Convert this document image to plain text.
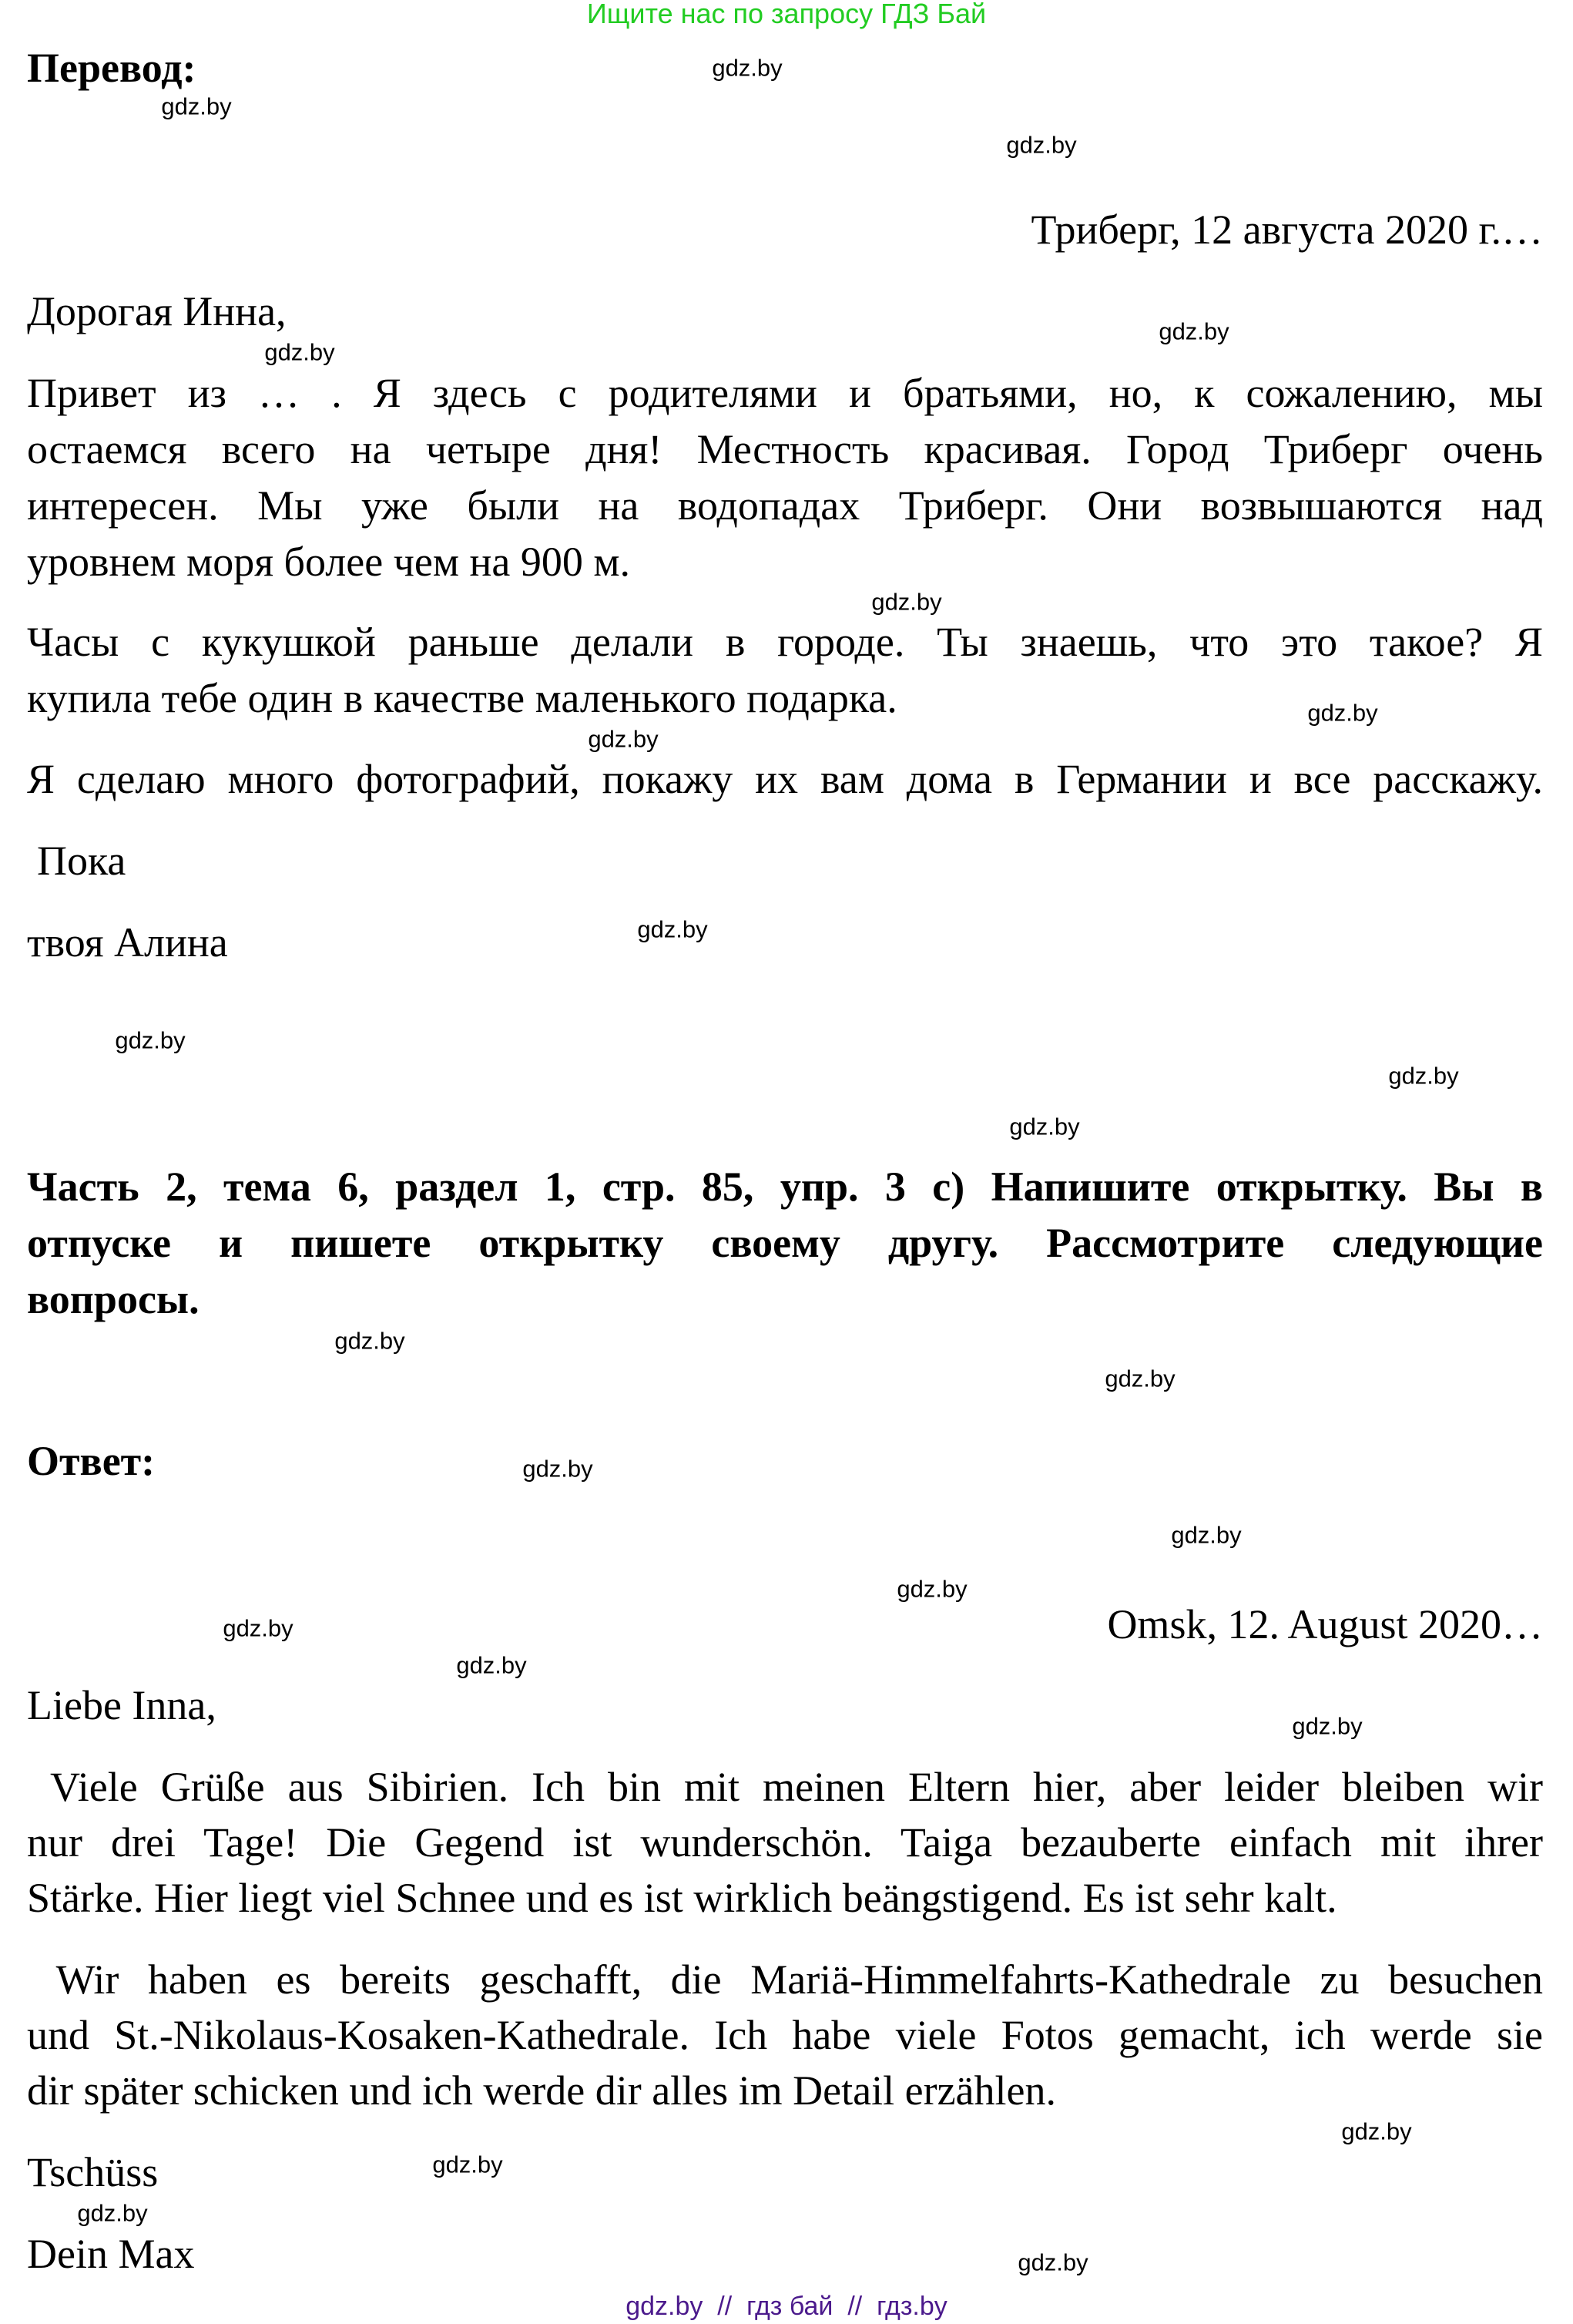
Ищите нас по запросу ГДЗ Бай
Перевод:
Триберг, 12 августа 2020 г.…
Дорогая Инна,
Привет из … . Я здесь с родителями и братьями, но, к сожалению, мы
остаемся всего на четыре дня! Местность красивая. Город Триберг очень
интересен. Мы уже были на водопадах Триберг. Они возвышаются над
уровнем моря более чем на 900 м.
Часы с кукушкой раньше делали в городе. Ты знаешь, что это такое? Я
купила тебе один в качестве маленького подарка.
Я сделаю много фотографий, покажу их вам дома в Германии и все расскажу.
Пока
твоя Алина
Часть 2, тема 6, раздел 1, стр. 85, упр. 3 c) Напишите открытку. Вы в
отпуске и пишете открытку своему другу. Рассмотрите следующие
вопросы.
Ответ:
Omsk, 12. August 2020…
Liebe Inna,
Viele Grüße aus Sibirien. Ich bin mit meinen Eltern hier, aber leider bleiben wir
nur drei Tage! Die Gegend ist wunderschön. Taiga bezauberte einfach mit ihrer
Stärke. Hier liegt viel Schnee und es ist wirklich beängstigend. Es ist sehr kalt.
Wir haben es bereits geschafft, die Mariä-Himmelfahrts-Kathedrale zu besuchen
und St.-Nikolaus-Kosaken-Kathedrale. Ich habe viele Fotos gemacht, ich werde sie
dir später schicken und ich werde dir alles im Detail erzählen.
Tschüss
Dein Max
gdz.by  //  гдз бай  //  гдз.by
gdz.by
gdz.by
gdz.by
gdz.by
gdz.by
gdz.by
gdz.by
gdz.by
gdz.by
gdz.by
gdz.by
gdz.by
gdz.by
gdz.by
gdz.by
gdz.by
gdz.by
gdz.by
gdz.by
gdz.by
gdz.by
gdz.by
gdz.by
gdz.by
